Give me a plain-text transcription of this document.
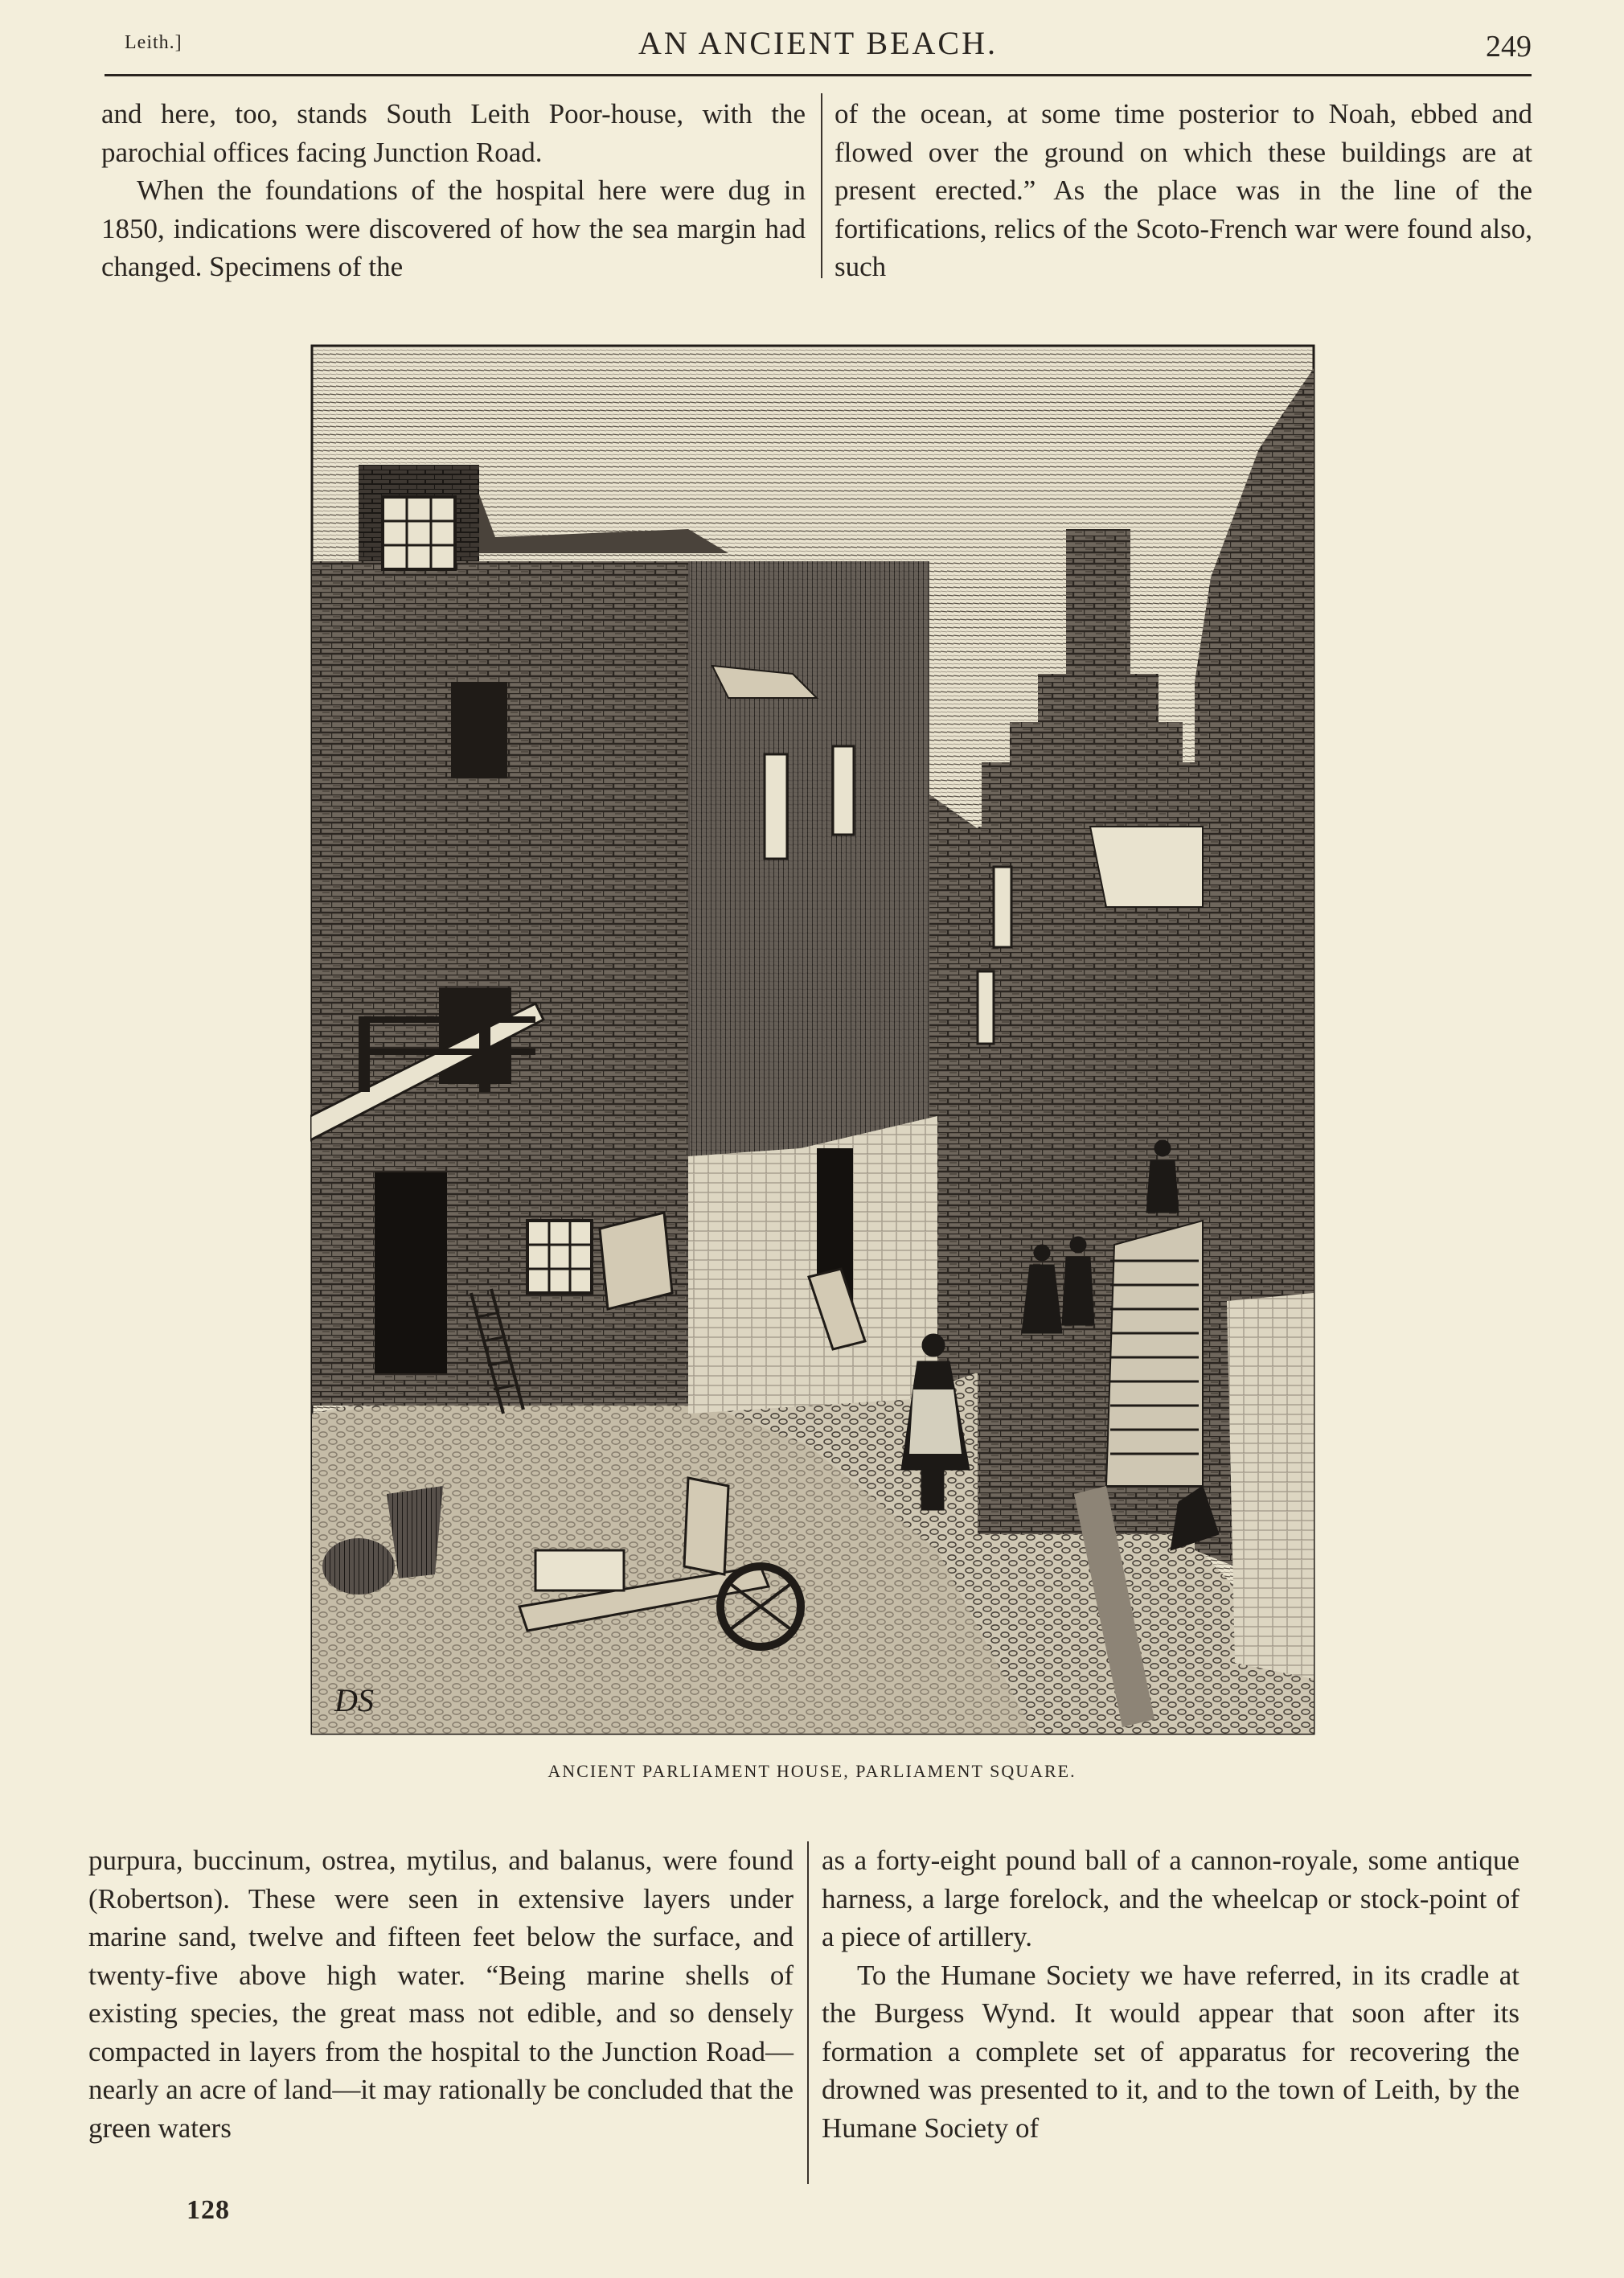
Leith.]	AN ANCIENT BEACH.	249

and here, too, stands South Leith Poor-house, with the parochial offices facing Junction Road.

When the foundations of the hospital here were dug in 1850, indications were discovered of how the sea margin had changed. Specimens of the

of the ocean, at some time posterior to Noah, ebbed and flowed over the ground on which these buildings are at present erected.” As the place was in the line of the fortifications, relics of the Scoto-French war were found also, such

DS
ANCIENT PARLIAMENT HOUSE, PARLIAMENT SQUARE.

purpura, buccinum, ostrea, mytilus, and balanus, were found (Robertson). These were seen in extensive layers under marine sand, twelve and fifteen feet below the surface, and twenty-five above high water. “Being marine shells of existing species, the great mass not edible, and so densely compacted in layers from the hospital to the Junction Road—nearly an acre of land—it may rationally be concluded that the green waters

as a forty-eight pound ball of a cannon-royale, some antique harness, a large forelock, and the wheelcap or stock-point of a piece of artillery.

To the Humane Society we have referred, in its cradle at the Burgess Wynd. It would appear that soon after its formation a complete set of apparatus for recovering the drowned was presented to it, and to the town of Leith, by the Humane Society of

128
